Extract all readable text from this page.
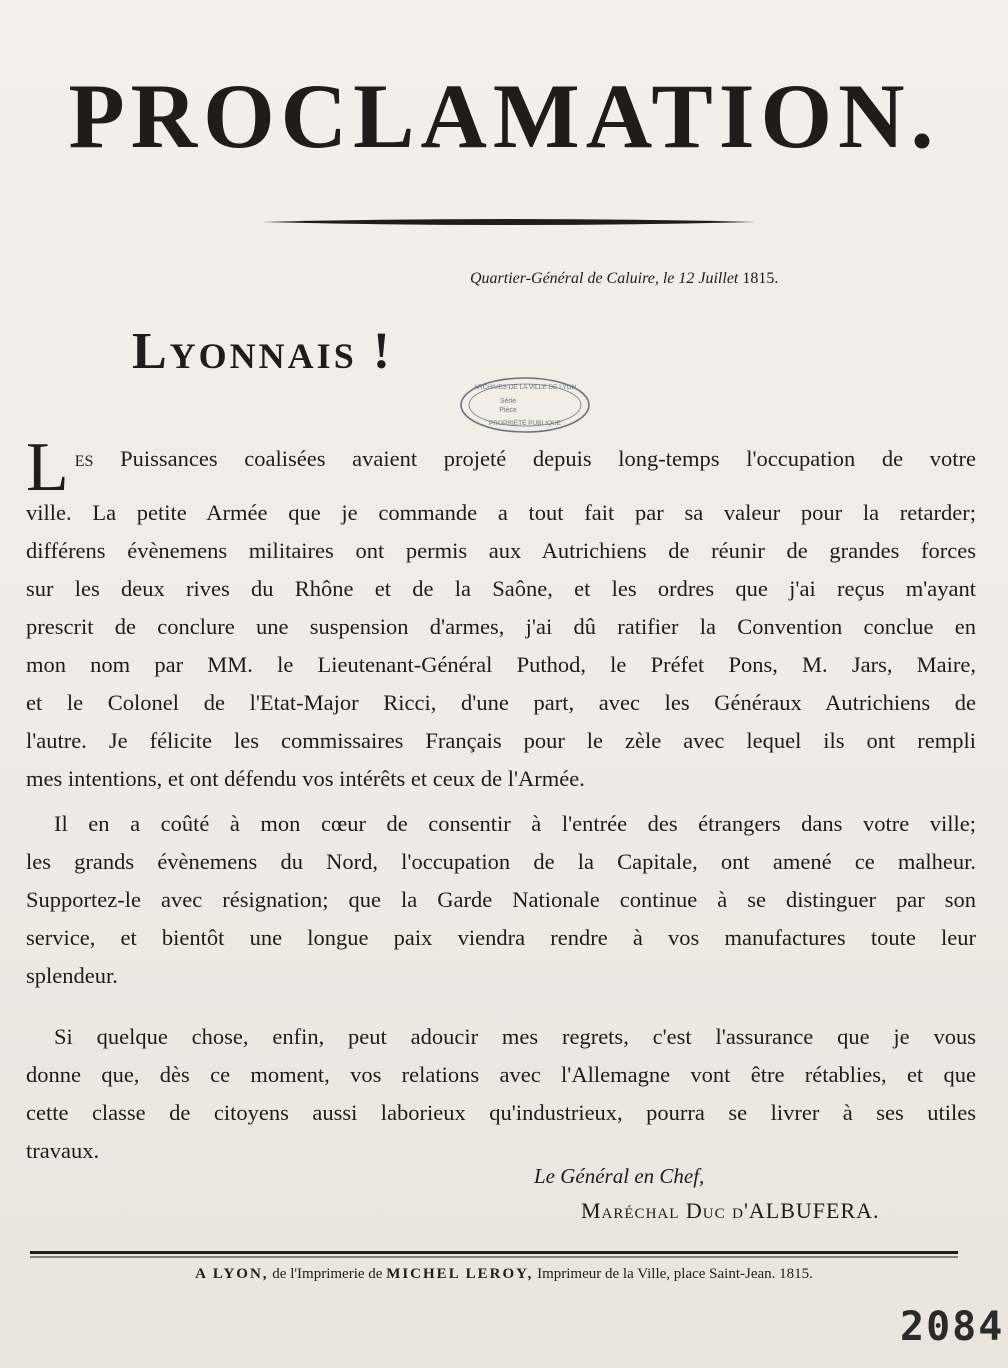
PROCLAMATION.
Quartier-Général de Caluire, le 12 Juillet 1815.
Lyonnais !
ARCHIVES DE LA VILLE DE LYON
Série
Pièce
PROPRIÉTÉ PUBLIQUE
Les Puissances coalisées avaient projeté depuis long-temps l'occupation de votre
ville. La petite Armée que je commande a tout fait par sa valeur pour la retarder;
différens évènemens militaires ont permis aux Autrichiens de réunir de grandes forces
sur les deux rives du Rhône et de la Saône, et les ordres que j'ai reçus m'ayant
prescrit de conclure une suspension d'armes, j'ai dû ratifier la Convention conclue en
mon nom par MM. le Lieutenant-Général Puthod, le Préfet Pons, M. Jars, Maire,
et le Colonel de l'Etat-Major Ricci, d'une part, avec les Généraux Autrichiens de
l'autre. Je félicite les commissaires Français pour le zèle avec lequel ils ont rempli
mes intentions, et ont défendu vos intérêts et ceux de l'Armée.
Il en a coûté à mon cœur de consentir à l'entrée des étrangers dans votre ville;
les grands évènemens du Nord, l'occupation de la Capitale, ont amené ce malheur.
Supportez-le avec résignation; que la Garde Nationale continue à se distinguer par son
service, et bientôt une longue paix viendra rendre à vos manufactures toute leur
splendeur.
Si quelque chose, enfin, peut adoucir mes regrets, c'est l'assurance que je vous
donne que, dès ce moment, vos relations avec l'Allemagne vont être rétablies, et que
cette classe de citoyens aussi laborieux qu'industrieux, pourra se livrer à ses utiles
travaux.
Le Général en Chef,
Maréchal Duc d'ALBUFERA.
A LYON, de l'Imprimerie de MICHEL LEROY, Imprimeur de la Ville, place Saint-Jean. 1815.
2084
